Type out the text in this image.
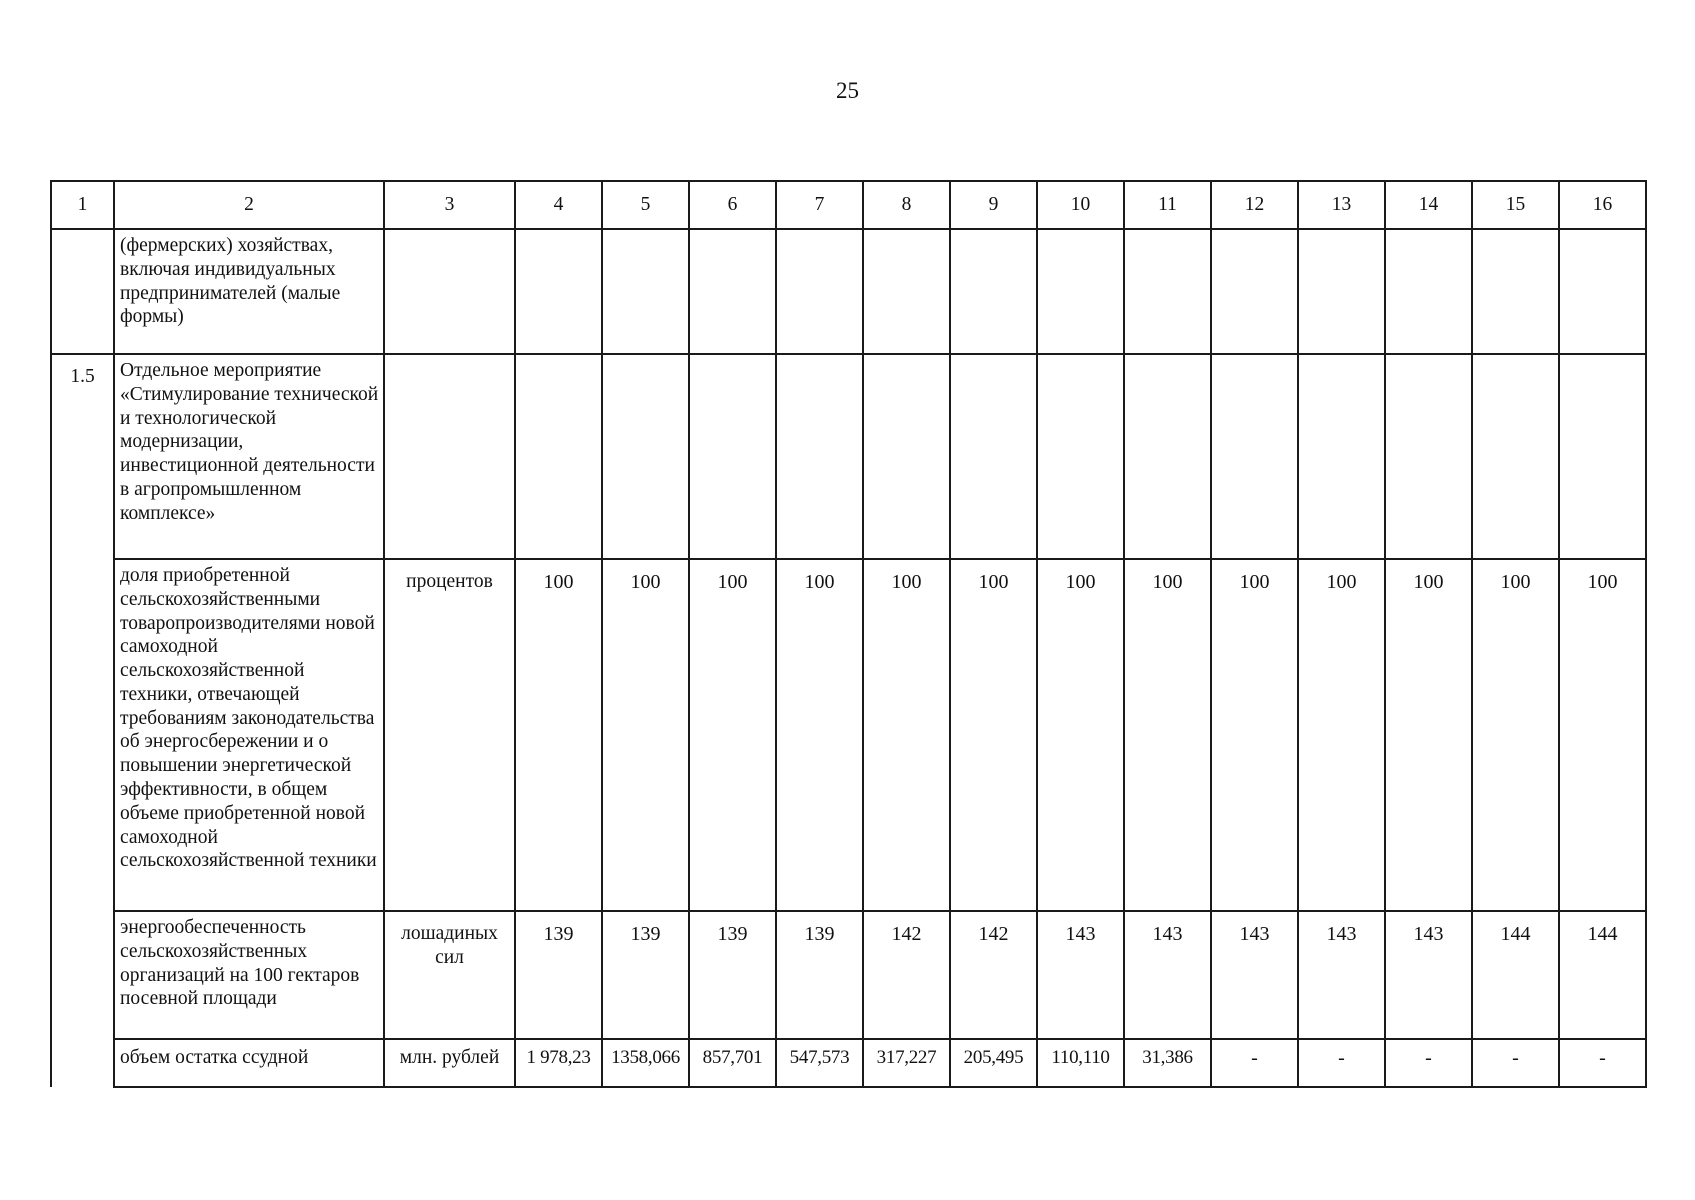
25
1	2	3	4	5	6	7	8	9	10	11	12	13	14	15	16
	(фермерских) хозяйствах, включая индивидуальных предпринимателей (малые формы)														
1.5	Отдельное мероприятие «Стимулирование технической и технологической модернизации, инвестиционной деятельности в агропромышленном комплексе»														
	доля приобретенной сельскохозяйственными товаропроизводителями новой самоходной сельскохозяйственной техники, отвечающей требованиям законодательства об энергосбережении и о повышении энергетической эффективности, в общем объеме приобретенной новой самоходной сельскохозяйственной техники	процентов	100	100	100	100	100	100	100	100	100	100	100	100	100
	энергообеспеченность сельскохозяйственных организаций на 100 гектаров посевной площади	лошадиных сил	139	139	139	139	142	142	143	143	143	143	143	144	144
	объем остатка ссудной	млн. рублей	1 978,23	1358,066	857,701	547,573	317,227	205,495	110,110	31,386	-	-	-	-	-
